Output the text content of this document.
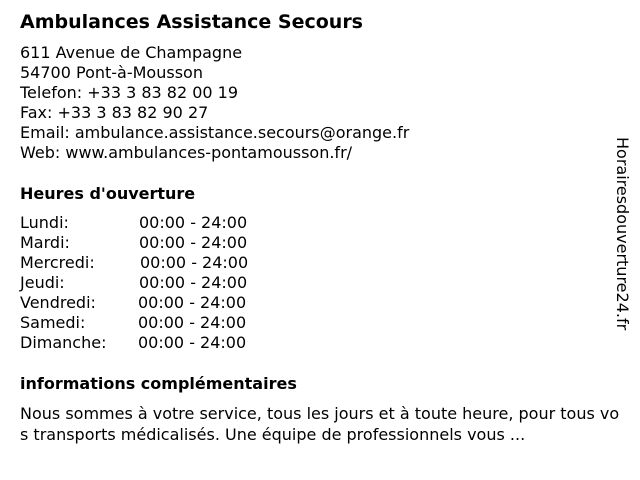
Ambulances Assistance Secours
611 Avenue de Champagne
54700 Pont-à-Mousson
Telefon: +33 3 83 82 00 19
Fax: +33 3 83 82 90 27
Email: ambulance.assistance.secours@orange.fr
Web: www.ambulances-pontamousson.fr/
Heures d'ouverture
Lundi:	00:00 - 24:00
Mardi:	00:00 - 24:00
Mercredi:	00:00 - 24:00
Jeudi:	00:00 - 24:00
Vendredi:	00:00 - 24:00
Samedi:	00:00 - 24:00
Dimanche: 00:00 - 24:00
informations complémentaires
Nous sommes à votre service, tous les jours et à toute heure, pour tous vos transports médicalisés. Une équipe de professionnels vous ...
Horairesdouverture24.fr
